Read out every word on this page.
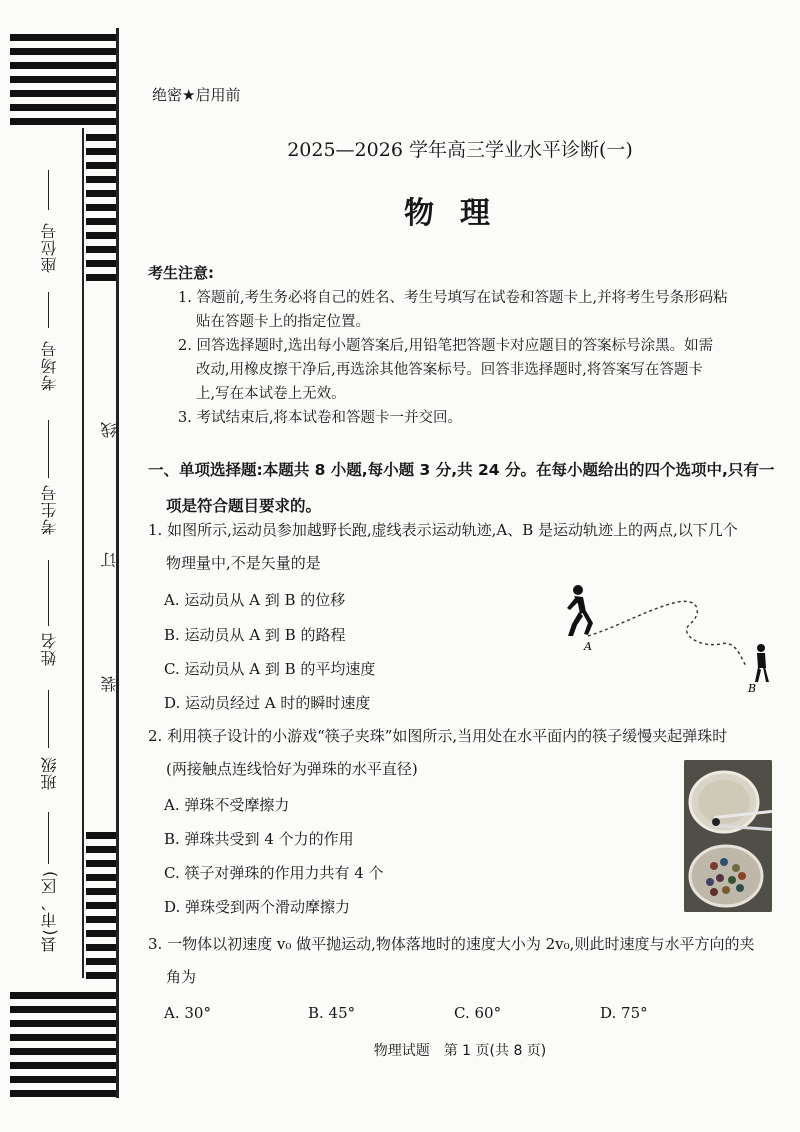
座位号
考场号
考生号
姓名
班级
县(市、区)
线
订
装
绝密★启用前
2025—2026 学年高三学业水平诊断(一)
物理
考生注意:
1. 答题前,考生务必将自己的姓名、考生号填写在试卷和答题卡上,并将考生号条形码粘
贴在答题卡上的指定位置。
2. 回答选择题时,选出每小题答案后,用铅笔把答题卡对应题目的答案标号涂黑。如需
改动,用橡皮擦干净后,再选涂其他答案标号。回答非选择题时,将答案写在答题卡
上,写在本试卷上无效。
3. 考试结束后,将本试卷和答题卡一并交回。
一、单项选择题:本题共 8 小题,每小题 3 分,共 24 分。在每小题给出的四个选项中,只有一
项是符合题目要求的。
1. 如图所示,运动员参加越野长跑,虚线表示运动轨迹,A、B 是运动轨迹上的两点,以下几个
物理量中,不是矢量的是
A. 运动员从 A 到 B 的位移
B. 运动员从 A 到 B 的路程
C. 运动员从 A 到 B 的平均速度
D. 运动员经过 A 时的瞬时速度
A
B
2. 利用筷子设计的小游戏“筷子夹珠”如图所示,当用处在水平面内的筷子缓慢夹起弹珠时
(两接触点连线恰好为弹珠的水平直径)
A. 弹珠不受摩擦力
B. 弹珠共受到 4 个力的作用
C. 筷子对弹珠的作用力共有 4 个
D. 弹珠受到两个滑动摩擦力
3. 一物体以初速度 v₀ 做平抛运动,物体落地时的速度大小为 2v₀,则此时速度与水平方向的夹
角为
A. 30°	B. 45°	C. 60°	D. 75°
物理试题　第 1 页(共 8 页)
